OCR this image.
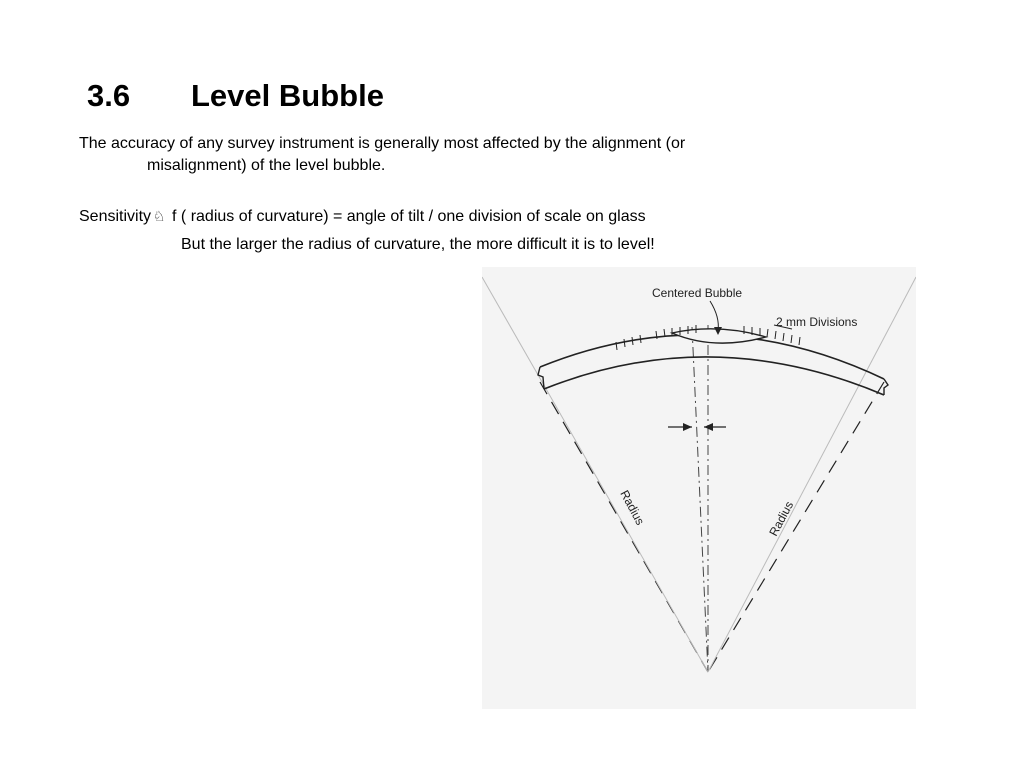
3.6 Level Bubble

The accuracy of any survey instrument is generally most affected by the alignment (or
misalignment) of the level bubble.

Sensitivity ♘ f ( radius of curvature) = angle of tilt / one division of scale on glass

But the larger the radius of curvature, the more difficult it is to level!

Centered Bubble
2 mm Divisions
Radius	Radius
